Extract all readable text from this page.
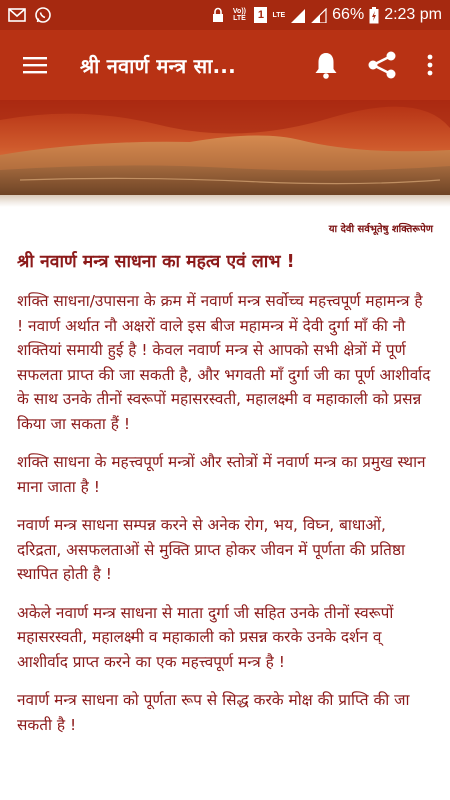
Vo)) LTE	1 LTE	66% 2:23 pm
श्री नवार्ण मन्त्र सा...
या देवी सर्वभूतेषु शक्तिरूपेण
श्री नवार्ण मन्त्र साधना का महत्व एवं लाभ !

शक्ति साधना/उपासना के क्रम में नवार्ण मन्त्र सर्वोच्च महत्त्वपूर्ण महामन्त्र है ! नवार्ण अर्थात नौ अक्षरों वाले इस बीज महामन्त्र में देवी दुर्गा माँ की नौ शक्तियां समायी हुई है ! केवल नवार्ण मन्त्र से आपको सभी क्षेत्रों में पूर्ण सफलता प्राप्त की जा सकती है, और भगवती माँ दुर्गा जी का पूर्ण आशीर्वाद के साथ उनके तीनों स्वरूपों महासरस्वती, महालक्ष्मी व महाकाली को प्रसन्न किया जा सकता हैं !

शक्ति साधना के महत्त्वपूर्ण मन्त्रों और स्तोत्रों में नवार्ण मन्त्र का प्रमुख स्थान माना जाता है !

नवार्ण मन्त्र साधना सम्पन्न करने से अनेक रोग, भय, विघ्न, बाधाओं, दरिद्रता, असफलताओं से मुक्ति प्राप्त होकर जीवन में पूर्णता की प्रतिष्ठा स्थापित होती है !

अकेले नवार्ण मन्त्र साधना से माता दुर्गा जी सहित उनके तीनों स्वरूपों महासरस्वती, महालक्ष्मी व महाकाली को प्रसन्न करके उनके दर्शन व् आशीर्वाद प्राप्त करने का एक महत्त्वपूर्ण मन्त्र है !

नवार्ण मन्त्र साधना को पूर्णता रूप से सिद्ध करके मोक्ष की प्राप्ति की जा सकती है !
